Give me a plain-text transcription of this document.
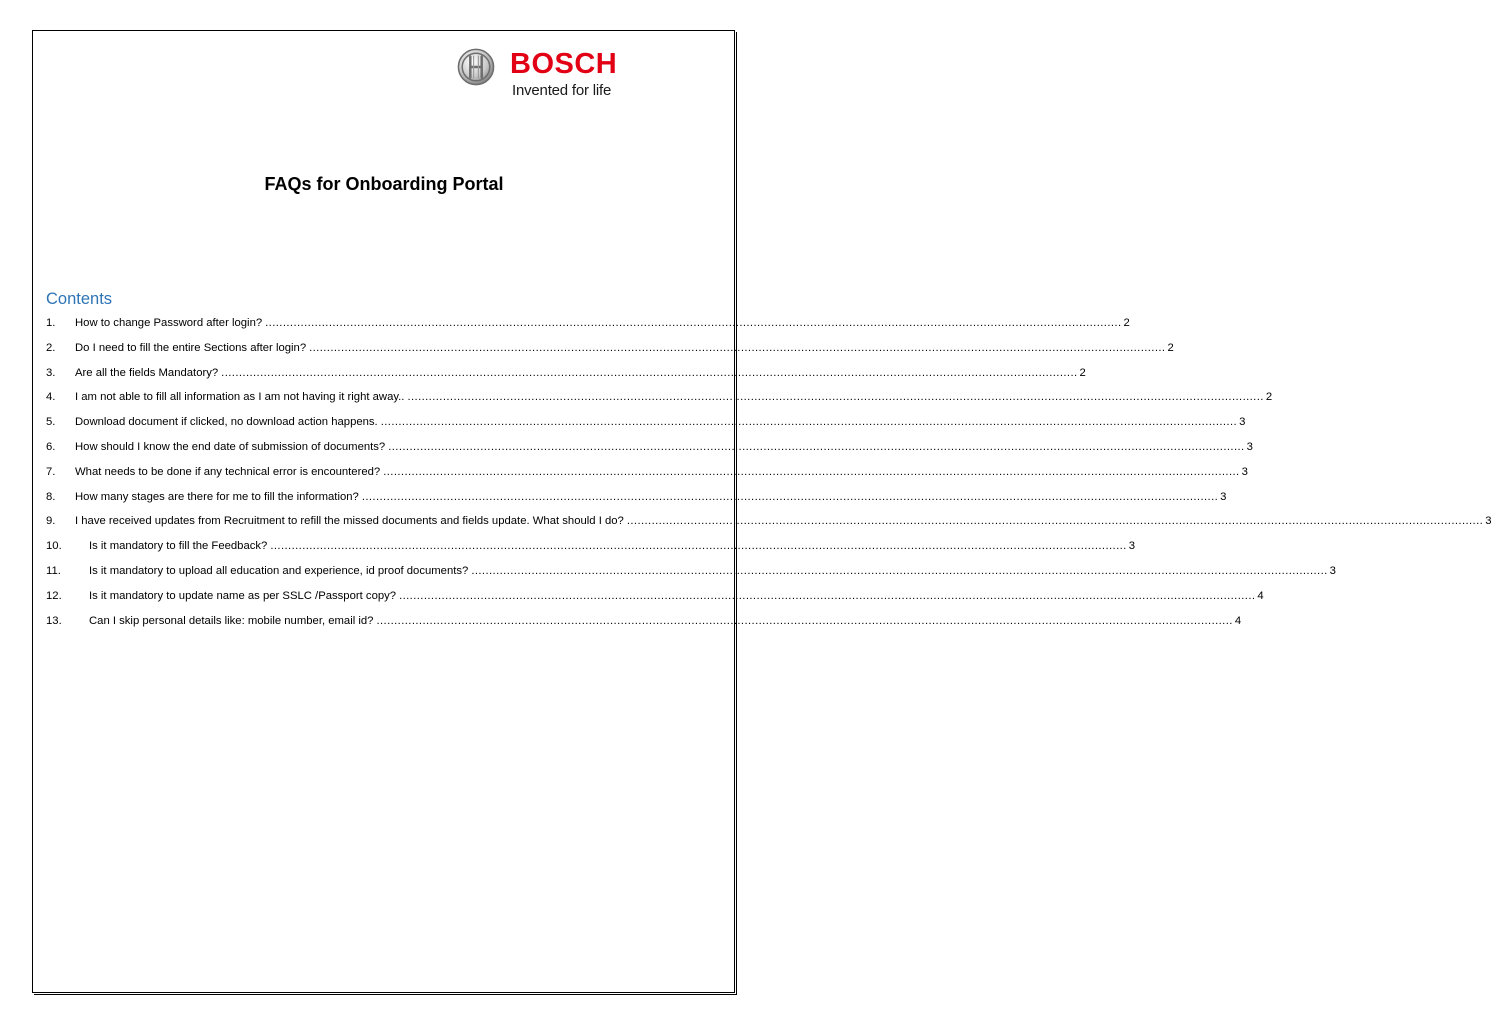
BOSCH
Invented for life
FAQs for Onboarding Portal
Contents
1.	How to change Password after login? .....	2
2.	Do I need to fill the entire Sections after login? .....	2
3.	Are all the fields Mandatory? .....	2
4.	I am not able to fill all information as I am not having it right away.. .....	2
5.	Download document if clicked, no download action happens. .....	3
6.	How should I know the end date of submission of documents? .....	3
7.	What needs to be done if any technical error is encountered? .....	3
8.	How many stages are there for me to fill the information? .....	3
9.	I have received updates from Recruitment to refill the missed documents and fields update. What should I do? .....	3
10.	Is it mandatory to fill the Feedback? .....	3
11.	Is it mandatory to upload all education and experience, id proof documents? .....	3
12.	Is it mandatory to update name as per SSLC /Passport copy? .....	4
13.	Can I skip personal details like: mobile number, email id? .....	4
